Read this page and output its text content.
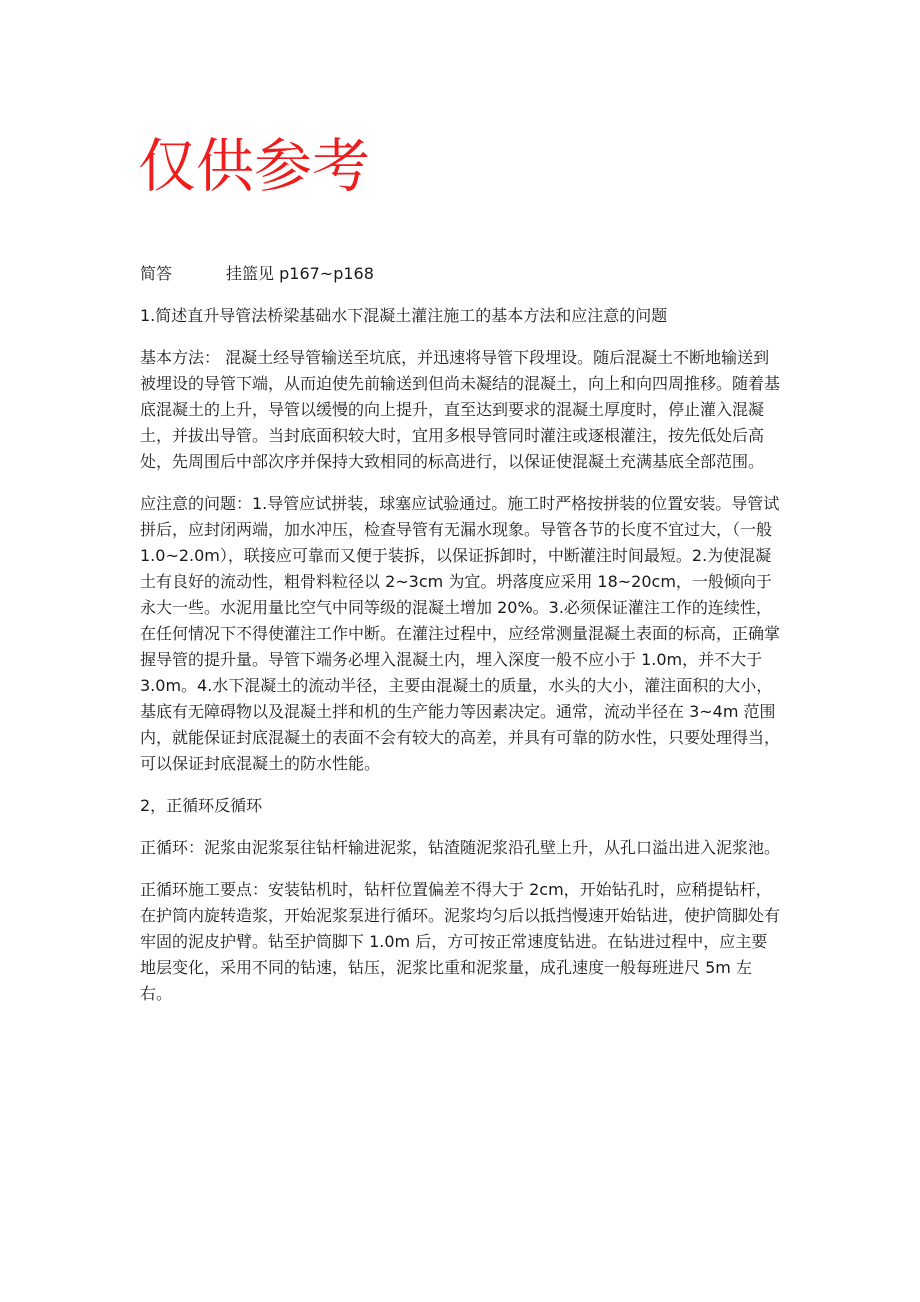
仅供参考

简答	挂篮见 p167~p168

1.简述直升导管法桥梁基础水下混凝土灌注施工的基本方法和应注意的问题

基本方法： 混凝土经导管输送至坑底，并迅速将导管下段埋设。随后混凝土不断地输送到被埋设的导管下端，从而迫使先前输送到但尚未凝结的混凝土，向上和向四周推移。随着基底混凝土的上升，导管以缓慢的向上提升，直至达到要求的混凝土厚度时，停止灌入混凝土，并拔出导管。当封底面积较大时，宜用多根导管同时灌注或逐根灌注，按先低处后高处，先周围后中部次序并保持大致相同的标高进行，以保证使混凝土充满基底全部范围。

应注意的问题：1.导管应试拼装，球塞应试验通过。施工时严格按拼装的位置安装。导管试拼后，应封闭两端，加水冲压，检查导管有无漏水现象。导管各节的长度不宜过大，（一般 1.0~2.0m），联接应可靠而又便于装拆，以保证拆卸时，中断灌注时间最短。2.为使混凝土有良好的流动性，粗骨料粒径以 2~3cm 为宜。坍落度应采用 18~20cm，一般倾向于永大一些。水泥用量比空气中同等级的混凝土增加 20%。3.必须保证灌注工作的连续性，在任何情况下不得使灌注工作中断。在灌注过程中，应经常测量混凝土表面的标高，正确掌握导管的提升量。导管下端务必埋入混凝土内，埋入深度一般不应小于 1.0m，并不大于 3.0m。4.水下混凝土的流动半径，主要由混凝土的质量，水头的大小，灌注面积的大小，基底有无障碍物以及混凝土拌和机的生产能力等因素决定。通常，流动半径在 3~4m 范围内，就能保证封底混凝土的表面不会有较大的高差，并具有可靠的防水性，只要处理得当，可以保证封底混凝土的防水性能。

2，正循环反循环

正循环：泥浆由泥浆泵往钻杆输进泥浆，钻渣随泥浆沿孔壁上升，从孔口溢出进入泥浆池。

正循环施工要点：安装钻机时，钻杆位置偏差不得大于 2cm，开始钻孔时，应稍提钻杆，在护筒内旋转造浆，开始泥浆泵进行循环。泥浆均匀后以抵挡慢速开始钻进，使护筒脚处有牢固的泥皮护臂。钻至护筒脚下 1.0m 后，方可按正常速度钻进。在钻进过程中，应主要地层变化，采用不同的钻速，钻压，泥浆比重和泥浆量，成孔速度一般每班进尺 5m 左右。
